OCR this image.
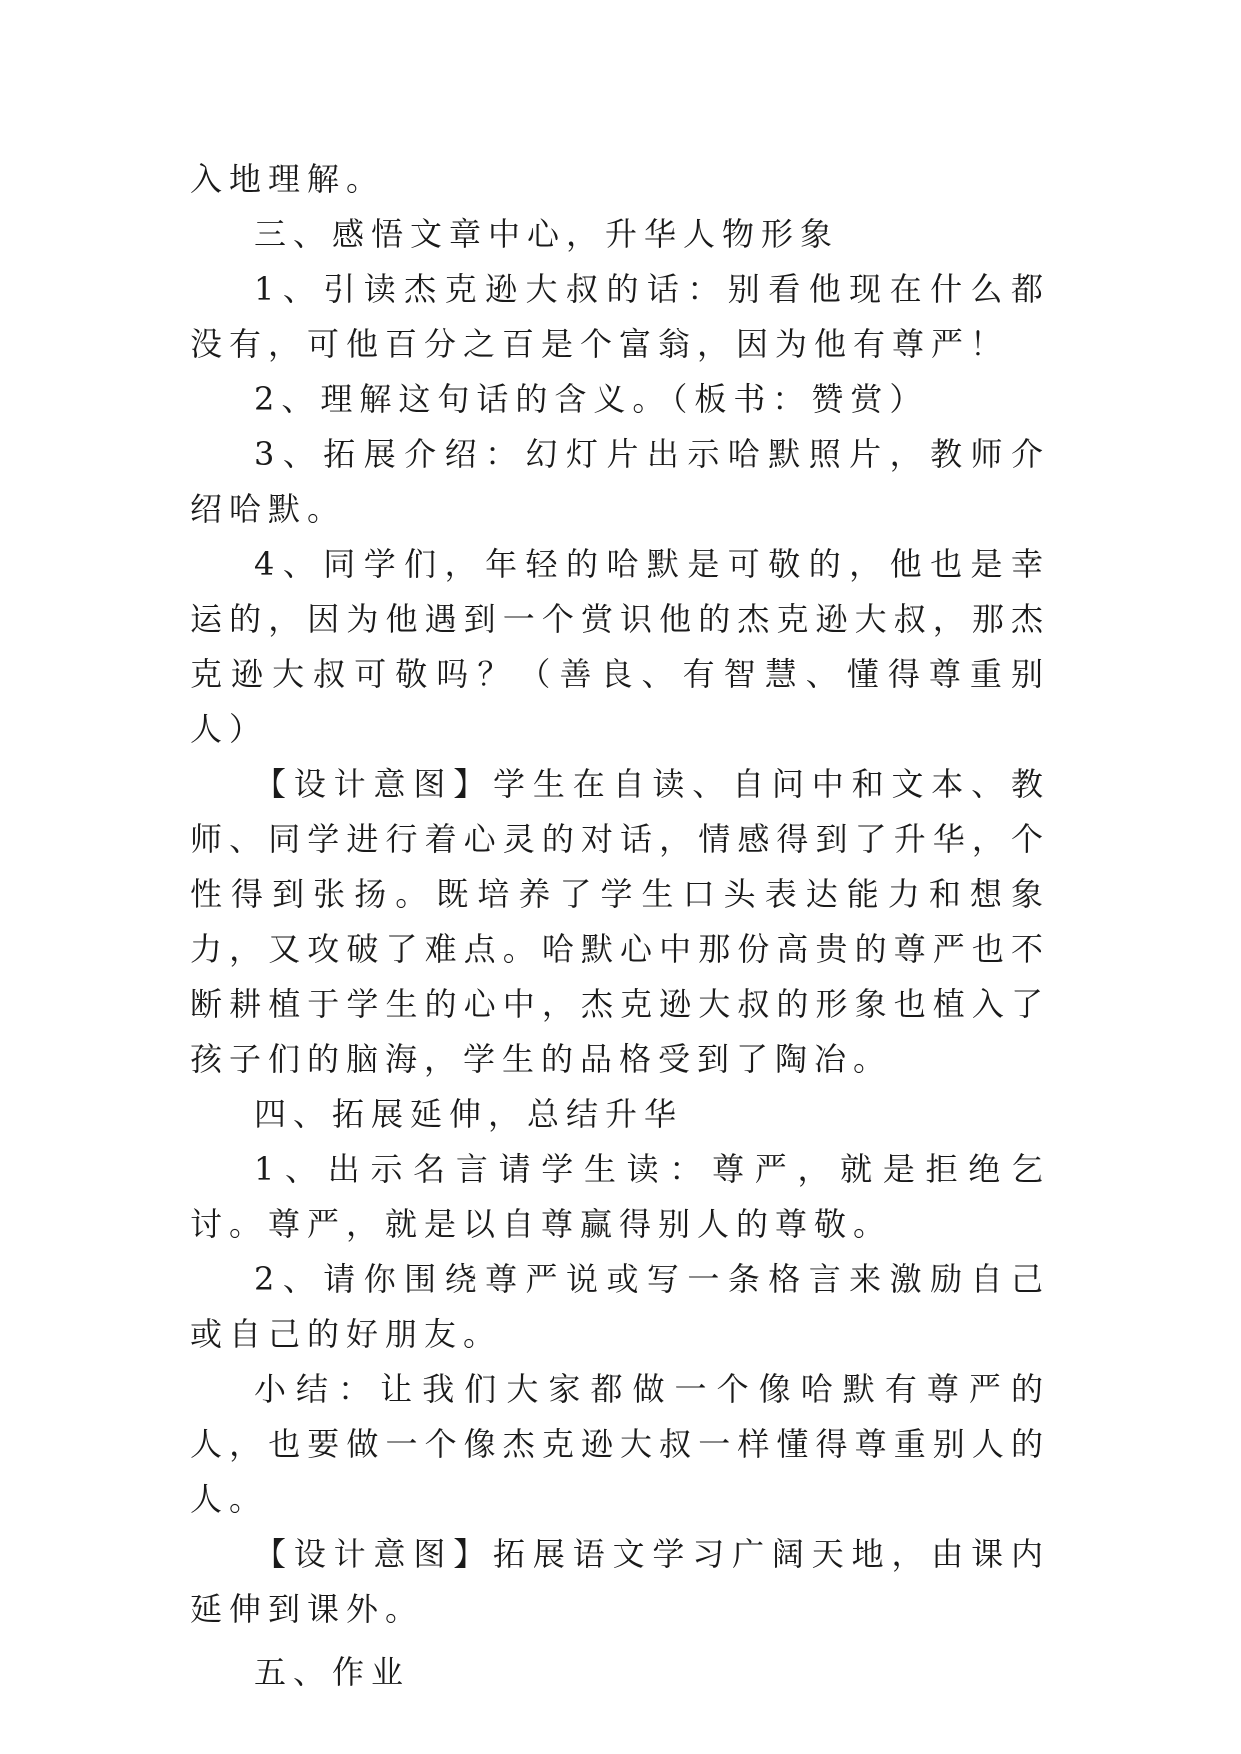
入地理解。

三、感悟文章中心，升华人物形象

1、引读杰克逊大叔的话：别看他现在什么都没有，可他百分之百是个富翁，因为他有尊严！

2、理解这句话的含义。（板书：赞赏）

3、拓展介绍：幻灯片出示哈默照片，教师介绍哈默。

4、同学们，年轻的哈默是可敬的，他也是幸运的，因为他遇到一个赏识他的杰克逊大叔，那杰克逊大叔可敬吗？（善良、有智慧、懂得尊重别人）

【设计意图】学生在自读、自问中和文本、教师、同学进行着心灵的对话，情感得到了升华，个性得到张扬。既培养了学生口头表达能力和想象力，又攻破了难点。哈默心中那份高贵的尊严也不断耕植于学生的心中，杰克逊大叔的形象也植入了孩子们的脑海，学生的品格受到了陶冶。

四、拓展延伸，总结升华

1、出示名言请学生读：尊严，就是拒绝乞讨。尊严，就是以自尊赢得别人的尊敬。

2、请你围绕尊严说或写一条格言来激励自己或自己的好朋友。

小结：让我们大家都做一个像哈默有尊严的人，也要做一个像杰克逊大叔一样懂得尊重别人的人。

【设计意图】拓展语文学习广阔天地，由课内延伸到课外。

五、作业
